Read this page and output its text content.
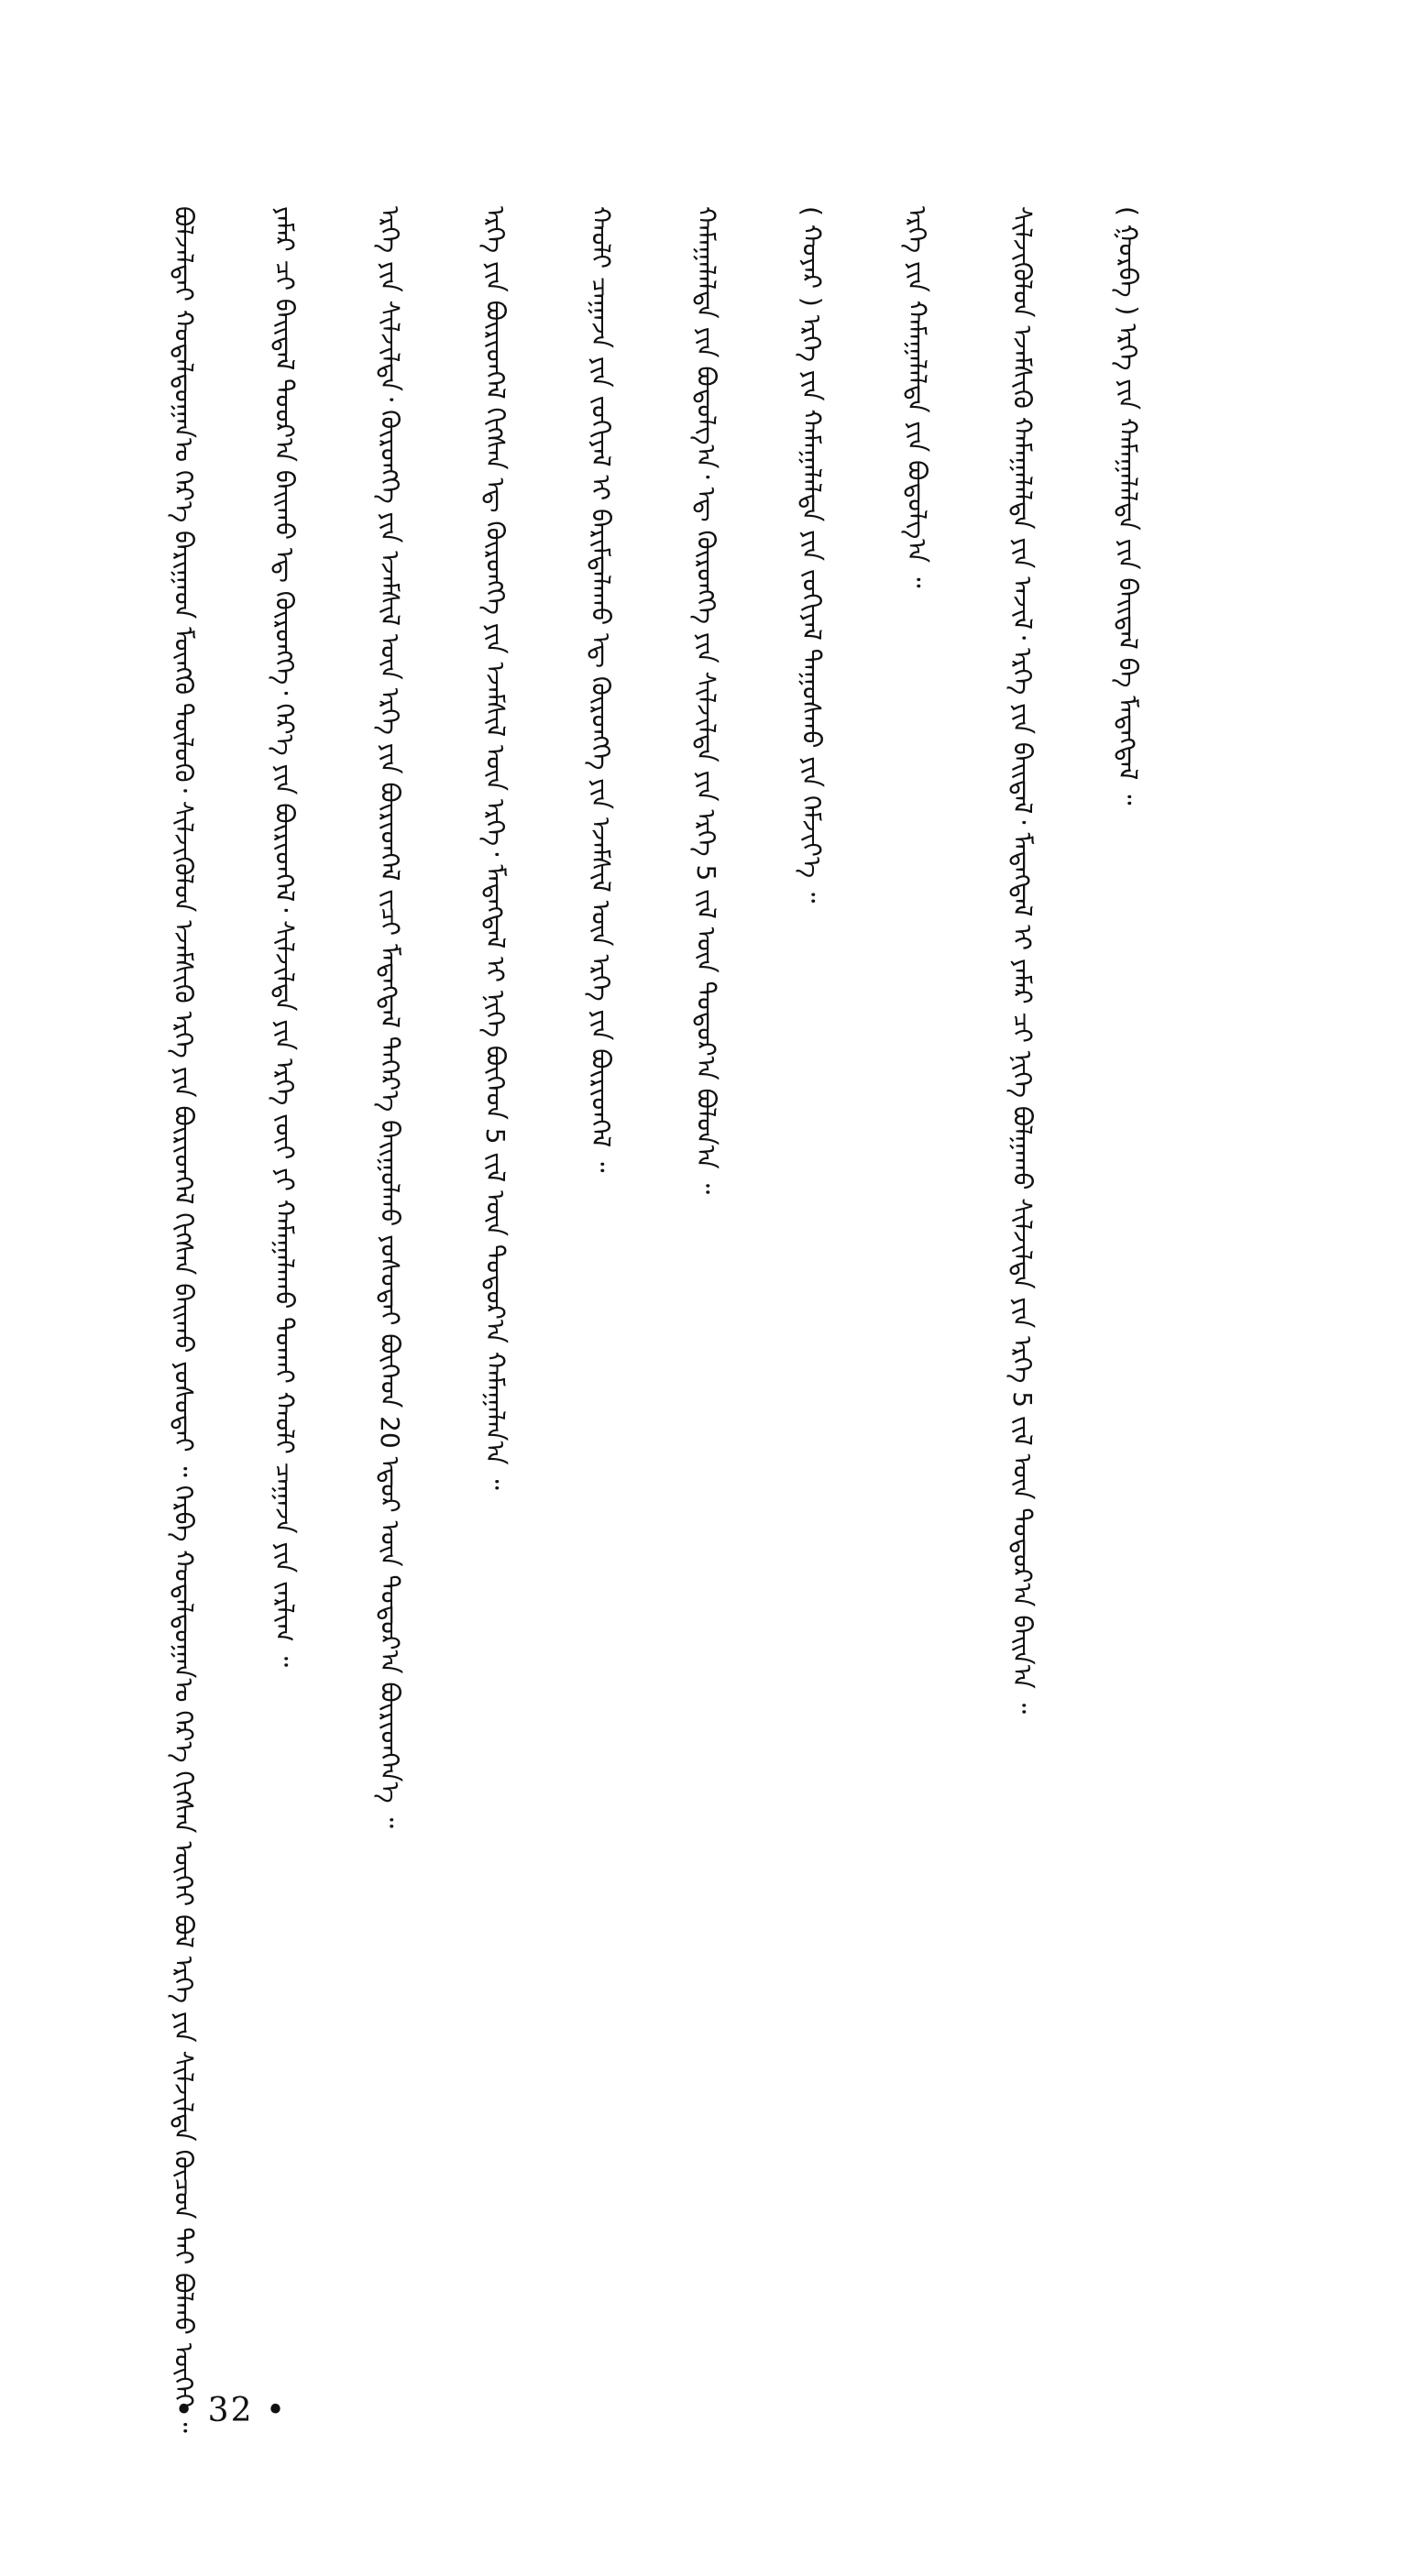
ᠪᠣᠯᠵᠠᠯᠲᠠᠢ ᠬᠣᠳᠠᠯᠳᠤᠭᠠᠨ᠎ᠤ ᠭᠡᠷ᠎ᠡ ᠪᠠᠷᠢᠭᠠᠳ ᠮᠥᠩᠭᠥ ᠲᠥᠯᠥᠬᠦ᠂ ᠰᠢᠯᠵᠢᠭᠦᠯᠦᠨ ᠡᠵᠡᠮᠰᠢᠬᠦ ᠡᠷᠬᠡ ᠶᠢᠨ ᠪᠦᠷᠢᠳᠬᠡᠯ ᠬᠢᠭᠰᠡᠨ ᠪᠠᠢᠬᠤ ᠶᠣᠰᠣᠲᠠᠢ ᠃ ᠬᠡᠷᠪᠡ ᠬᠣᠳᠠᠯᠳᠤᠭᠠᠨ᠎ᠤ ᠭᠡᠷ᠎ᠡ ᠬᠢᠭᠰᠡᠨ ᠦᠭᠡᠢ ᠪᠣᠯ ᠡᠷᠬᠡ ᠶᠢᠨ ᠰᠢᠯᠵᠢᠯᠲᠡ ᠬᠦᠴᠦᠨ ᠲᠡᠢ ᠪᠣᠯᠬᠤ ᠦᠭᠡᠢ ᠃	ᠶᠠᠮᠠᠷ ᠴᠢ ᠪᠠᠢᠳᠠᠯ ᠳᠣᠣᠷ᠎ᠠ ᠪᠠᠢᠬᠤ ᠡᠳ᠋ ᠬᠥᠷᠥᠩᠭᠡ᠂ ᠭᠡᠷ᠎ᠡ ᠶᠢᠨ ᠪᠦᠷᠢᠳᠬᠡᠯ᠂ ᠰᠢᠯᠵᠢᠯᠲᠡ ᠶᠢᠨ ᠡᠷᠬᠡ ᠵᠦᠢ ᠶᠢ ᠬᠠᠮᠠᠭᠠᠯᠠᠬᠤ ᠲᠤᠬᠠᠢ ᠬᠠᠤᠯᠢ ᠴᠠᠭᠠᠵᠠ ᠶᠢᠨ ᠵᠠᠷᠯᠢᠭ ᠃	ᠡᠷᠬᠡ ᠶᠢᠨ ᠰᠢᠯᠵᠢᠯᠲᠡ᠂ ᠬᠥᠷᠥᠩᠭᠡ ᠶᠢᠨ ᠡᠵᠡᠮᠰᠢᠯ ᠦᠨ ᠡᠷᠬᠡ ᠶᠢᠨ ᠪᠦᠷᠢᠳᠬᠡᠯ ᠵᠢᠴᠢ ᠮᠡᠳᠡᠭᠳᠡᠯ ᠳᠡᠭᠡᠷ᠎ᠡ ᠪᠠᠢᠭᠤᠯᠬᠤ ᠶᠣᠰᠣᠲᠠᠢ ᠪᠥᠭᠡᠳ 20 ᠡᠳᠦᠷ ᠦᠨ ᠳᠣᠲᠣᠷ᠎ᠠ ᠪᠦᠷᠢᠳᠬᠡᠨ᠎ᠡ ᠃	ᠡᠷᠬᠡ ᠶᠢᠨ ᠪᠦᠷᠢᠳᠬᠡᠯ ᠬᠢᠭᠰᠡᠨ ᠡᠳ᠋ ᠬᠥᠷᠥᠩᠭᠡ ᠶᠢᠨ ᠡᠵᠡᠮᠰᠢᠯ ᠦᠨ ᠡᠷᠬᠡ᠂ ᠮᠡᠳᠡᠭᠳᠡᠯ ᠢ ᠨᠢᠭᠡ ᠪᠥᠭᠡᠳ 5 ᠵᠢᠯ ᠦᠨ ᠳᠣᠲᠣᠷ᠎ᠠ ᠬᠠᠮᠠᠭᠠᠯᠠᠨ᠎ᠠ ᠃	ᠬᠠᠤᠯᠢ ᠴᠠᠭᠠᠵᠠ ᠶᠢᠨ ᠵᠣᠬᠢᠶᠠᠯ ᠢ ᠪᠠᠷᠢᠮᠲᠠᠯᠠᠬᠤ ᠡᠳ᠋ ᠬᠥᠷᠥᠩᠭᠡ ᠶᠢᠨ ᠡᠵᠡᠮᠰᠢᠯ ᠦᠨ ᠡᠷᠬᠡ ᠶᠢᠨ ᠪᠦᠷᠢᠳᠬᠡᠯ ᠃	ᠬᠠᠮᠠᠭᠠᠯᠠᠯᠲᠠ ᠶᠢᠨ ᠪᠣᠳᠣᠯᠭ᠎ᠠ᠂ ᠡᠳ᠋ ᠬᠥᠷᠥᠩᠭᠡ ᠶᠢᠨ ᠰᠢᠯᠵᠢᠯᠲᠡ ᠶᠢᠨ ᠡᠷᠬᠡ 5 ᠵᠢᠯ ᠦᠨ ᠳᠣᠲᠣᠷ᠎ᠠ ᠪᠣᠯᠤᠨ᠎ᠠ ᠃	( ᠬᠣᠶᠠᠷ ) ᠡᠷᠬᠡ ᠶᠢᠨ ᠬᠠᠮᠠᠭᠠᠯᠠᠯᠲᠠ ᠶᠢᠨ ᠵᠣᠬᠢᠶᠠᠯ ᠳᠠᠭᠤᠰᠬᠤ ᠶᠢᠨ ᠬᠡᠮᠵᠢᠶ᠎ᠡ ᠃	ᠡᠷᠬᠡ ᠶᠢᠨ ᠬᠠᠮᠠᠭᠠᠯᠠᠯᠲᠠ ᠶᠢᠨ ᠪᠣᠳᠣᠯᠭ᠎ᠠ ᠃	ᠰᠢᠯᠵᠢᠭᠦᠯᠦᠨ ᠡᠵᠡᠮᠰᠢᠬᠦ ᠬᠠᠮᠠᠭᠠᠯᠠᠯᠲᠠ ᠶᠢᠨ ᠠᠵᠢᠯ᠂ ᠡᠷᠬᠡ ᠶᠢᠨ ᠪᠠᠢᠳᠠᠯ᠂ ᠮᠡᠳᠡᠭᠳᠡᠯ ᠢ ᠶᠠᠮᠠᠷ ᠴᠢ ᠨᠢᠭᠡ ᠪᠣᠯᠭᠠᠬᠤ ᠰᠢᠯᠵᠢᠯᠲᠡ ᠶᠢᠨ ᠡᠷᠬᠡ 5 ᠵᠢᠯ ᠦᠨ ᠳᠣᠲᠣᠷ᠎ᠠ ᠪᠠᠢᠨ᠎ᠠ ᠃	( ᠭᠤᠷᠪᠠ ) ᠡᠷᠬᠡ ᠶᠢᠨ ᠬᠠᠮᠠᠭᠠᠯᠠᠯᠲᠠ ᠶᠢᠨ ᠪᠠᠢᠳᠠᠯ ᠪᠠ ᠮᠡᠳᠡᠭᠳᠡᠯ ᠃
• 32 •
